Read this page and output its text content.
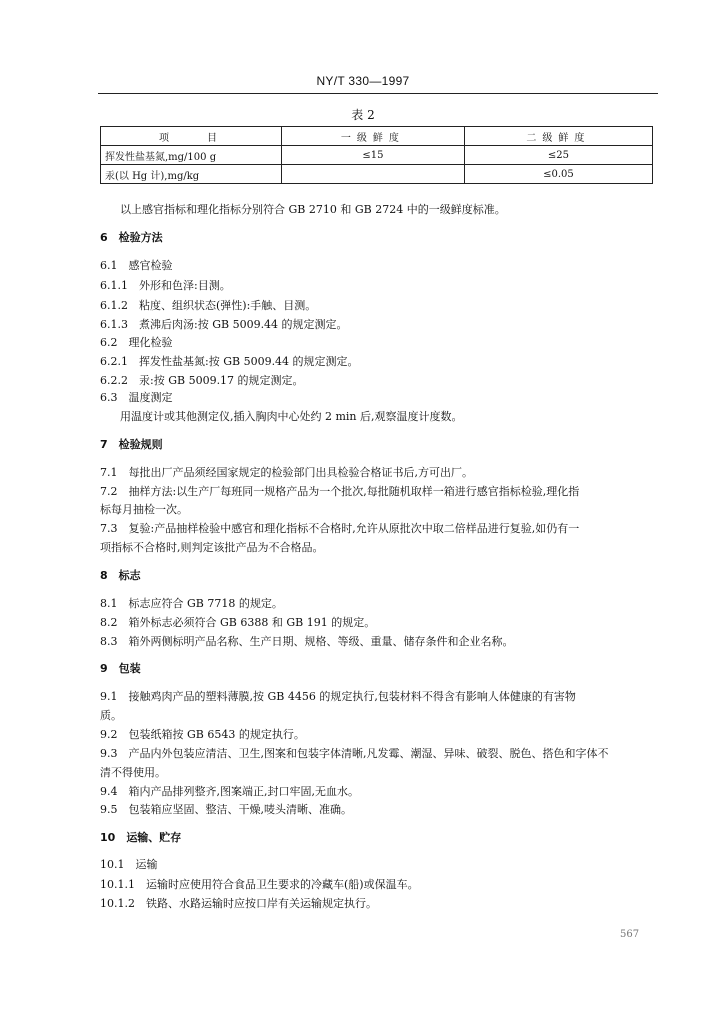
NY/T 330—1997
表 2
项　　目	一级鲜度	二级鲜度
挥发性盐基氮,mg/100 g	≤15	≤25
汞(以 Hg 计),mg/kg		≤0.05
以上感官指标和理化指标分别符合 GB 2710 和 GB 2724 中的一级鲜度标准。
6　 检验方法
6.1　 感官检验
6.1.1　 外形和色泽:目测。
6.1.2　 粘度、组织状态(弹性):手触、目测。
6.1.3　 煮沸后肉汤:按 GB 5009.44 的规定测定。
6.2　 理化检验
6.2.1　 挥发性盐基氮:按 GB 5009.44 的规定测定。
6.2.2　 汞:按 GB 5009.17 的规定测定。
6.3　 温度测定
用温度计或其他测定仪,插入胸肉中心处约 2 min 后,观察温度计度数。
7　 检验规则
7.1　 每批出厂产品须经国家规定的检验部门出具检验合格证书后,方可出厂。
7.2　 抽样方法:以生产厂每班同一规格产品为一个批次,每批随机取样一箱进行感官指标检验,理化指
标每月抽检一次。
7.3　 复验:产品抽样检验中感官和理化指标不合格时,允许从原批次中取二倍样品进行复验,如仍有一
项指标不合格时,则判定该批产品为不合格品。
8　 标志
8.1　 标志应符合 GB 7718 的规定。
8.2　 箱外标志必须符合 GB 6388 和 GB 191 的规定。
8.3　 箱外两侧标明产品名称、生产日期、规格、等级、重量、储存条件和企业名称。
9　 包装
9.1　 接触鸡肉产品的塑料薄膜,按 GB 4456 的规定执行,包装材料不得含有影响人体健康的有害物
质。
9.2　 包装纸箱按 GB 6543 的规定执行。
9.3　 产品内外包装应清洁、卫生,图案和包装字体清晰,凡发霉、潮湿、异味、破裂、脱色、搭色和字体不
清不得使用。
9.4　 箱内产品排列整齐,图案端正,封口牢固,无血水。
9.5　 包装箱应坚固、整洁、干燥,唛头清晰、准确。
10　 运输、贮存
10.1　 运输
10.1.1　 运输时应使用符合食品卫生要求的冷藏车(船)或保温车。
10.1.2　 铁路、水路运输时应按口岸有关运输规定执行。
567
